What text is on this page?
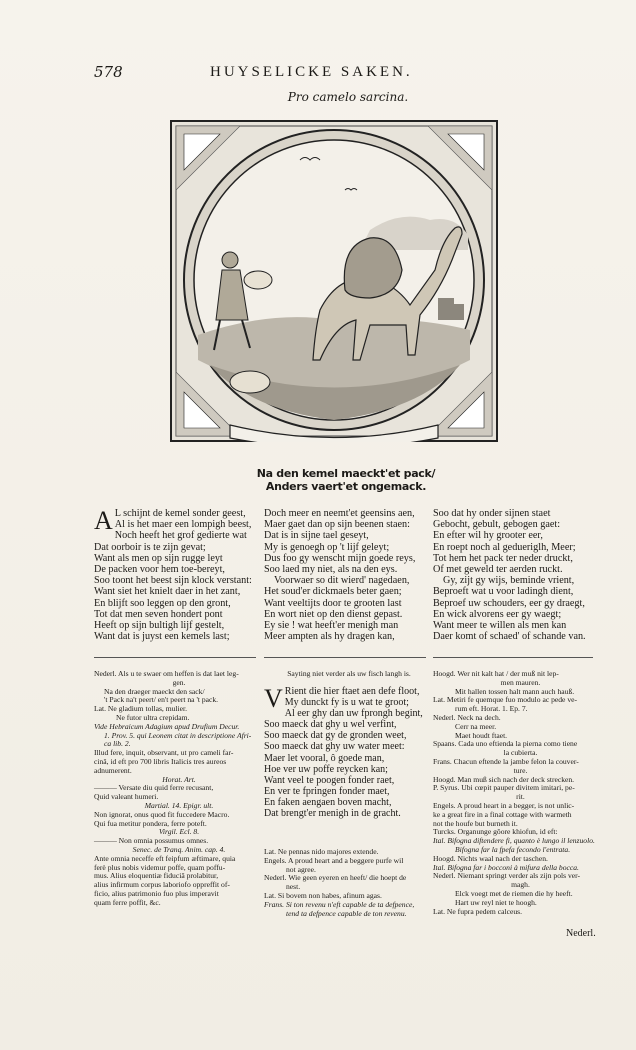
578	HUYSELICKE SAKEN.
Pro camelo sarcina.
Na den kemel maeckt'et pack/
Anders vaert'et ongemack.
A L schijnt de kemel sonder geest,
Al is het maer een lompigh beest,
Noch heeft het grof gedierte wat
Dat oorboir is te zijn gevat;
Want als men op sijn rugge leyt
De packen voor hem toe-bereyt,
Soo toont het beest sijn klock verstant:
Want siet het knielt daer in het zant,
En blijft soo leggen op den gront,
Tot dat men seven hondert pont
Heeft op sijn bultigh lijf gestelt,
Want dat is juyst een kemels last;
Doch meer en neemt'et geensins aen,
Maer gaet dan op sijn beenen staen:
Dat is in sijne tael geseyt,
My is genoegh op 't lijf geleyt;
Dus foo gy wenscht mijn goede reys,
Soo laed my niet, als na den eys.
Voorwaer so dit wierd' nagedaen,
Het soud'er dickmaels beter gaen;
Want veeltijts door te grooten last
En wort niet op den dienst gepast.
Ey sie ! wat heeft'er menigh man
Meer ampten als hy dragen kan,
Soo dat hy onder sijnen staet
Gebocht, gebult, gebogen gaet:
En efter wil hy grooter eer,
En roept noch al gedueriglh, Meer;
Tot hem het pack ter neder druckt,
Of met geweld ter aerden ruckt.
Gy, zijt gy wijs, beminde vrient,
Beproeft wat u voor ladingh dient,
Beproef uw schouders, eer gy draegt,
En wick alvorens eer gy waegt;
Want meer te willen als men kan
Daer komt of schaed' of schande van.
Nederl. Als u te swaer om heffen is dat laet leg-
gen.
Na den draeger maeckt den sack/
't Pack na't peert/ en't peert na 't pack.
Lat. Ne gladium tollas, mulier.
Ne futor ultra crepidam.
Vide Hebraicum Adagium apud Drufium Decur.
1. Prov. 5. qui Leonem citat in descriptione Afri-
ca lib. 2.
Illud fere, inquit, observant, ut pro cameli far-
cinâ, id eft pro 700 libris Italicis tres aureos
adnumerent.
Horat. Art.
——— Versate diu quid ferre recusant,
Quid valeant humeri.
Martial. 14. Epigr. ult.
Non ignorat, onus quod fit fuccedere Macro.
Qui fua metitur pondera, ferre poteft.
Virgil. Ecl. 8.
——— Non omnia possumus omnes.
Senec. de Tranq. Anim. cap. 4.
Ante omnia neceffe eft feipfum æftimare, quia
ferè plus nobis videmur poffe, quam poffu-
mus. Alius eloquentiæ fiduciâ prolabitur,
alius infirmum corpus laboriofo oppreffit of-
ficio, alius patrimonio fuo plus imperavit
quam ferre poffit, &c.
Sayting niet verder als uw fisch langh is.
V Rient die hier ftaet aen defe floot,
My dunckt fy is u wat te groot;
Al eer ghy dan uw fprongh begint,
Soo maeck dat ghy u wel verfint,
Soo maeck dat gy de gronden weet,
Soo maeck dat ghy uw water meet:
Maer let vooral, ô goede man,
Hoe ver uw poffe reycken kan;
Want veel te poogen fonder raet,
En ver te fpringen fonder maet,
En faken aengaen boven macht,
Dat brengt'er menigh in de gracht.
Lat. Ne pennas nido majores extende.
Engels. A proud heart and a beggere purfe wil
not agree.
Nederl. Wie geen eyeren en heeft/ die hoept de
nest.
Lat. Si bovem non habes, afinum agas.
Frans. Si ton revenu n'eft capable de ta defpence,
tend ta defpence capable de ton revenu.
Hoogd. Wer nit kalt hat / der muß nit lep-
men mauren.
Mit hallen tossen halt mann auch hauß.
Lat. Metiri fe quemque fuo modulo ac pede ve-
rum eft. Horat. 1. Ep. 7.
Nederl. Neck na dech.
Cerr na meer.
Maet houdt ftaet.
Spaans. Cada uno eftienda la pierna como tiene
la cubierta.
Frans. Chacun eftende la jambe felon la couver-
ture.
Hoogd. Man muß sich nach der deck strecken.
P. Syrus. Ubi cœpit pauper divitem imitari, pe-
rit.
Engels. A proud heart in a begger, is not unlic-
ke a great fire in a final cottage with warmeth
not the houfe but burneth it.
Turcks. Organunge gôore khiofun, id eft:
Ital. Bifogna diftendere fi, quanto è lungo il lenzuolo.
Bifogna far la fpefa fecondo l'entrata.
Hoogd. Nichts waal nach der taschen.
Ital. Bifogna far i bocconi à mifura della bocca.
Nederl. Niemant springt verder als zijn pols ver-
magh.
Elck voegt met de riemen die hy heeft.
Hart uw reyl niet te hoogh.
Lat. Ne fupra pedem calceus.
Nederl.
